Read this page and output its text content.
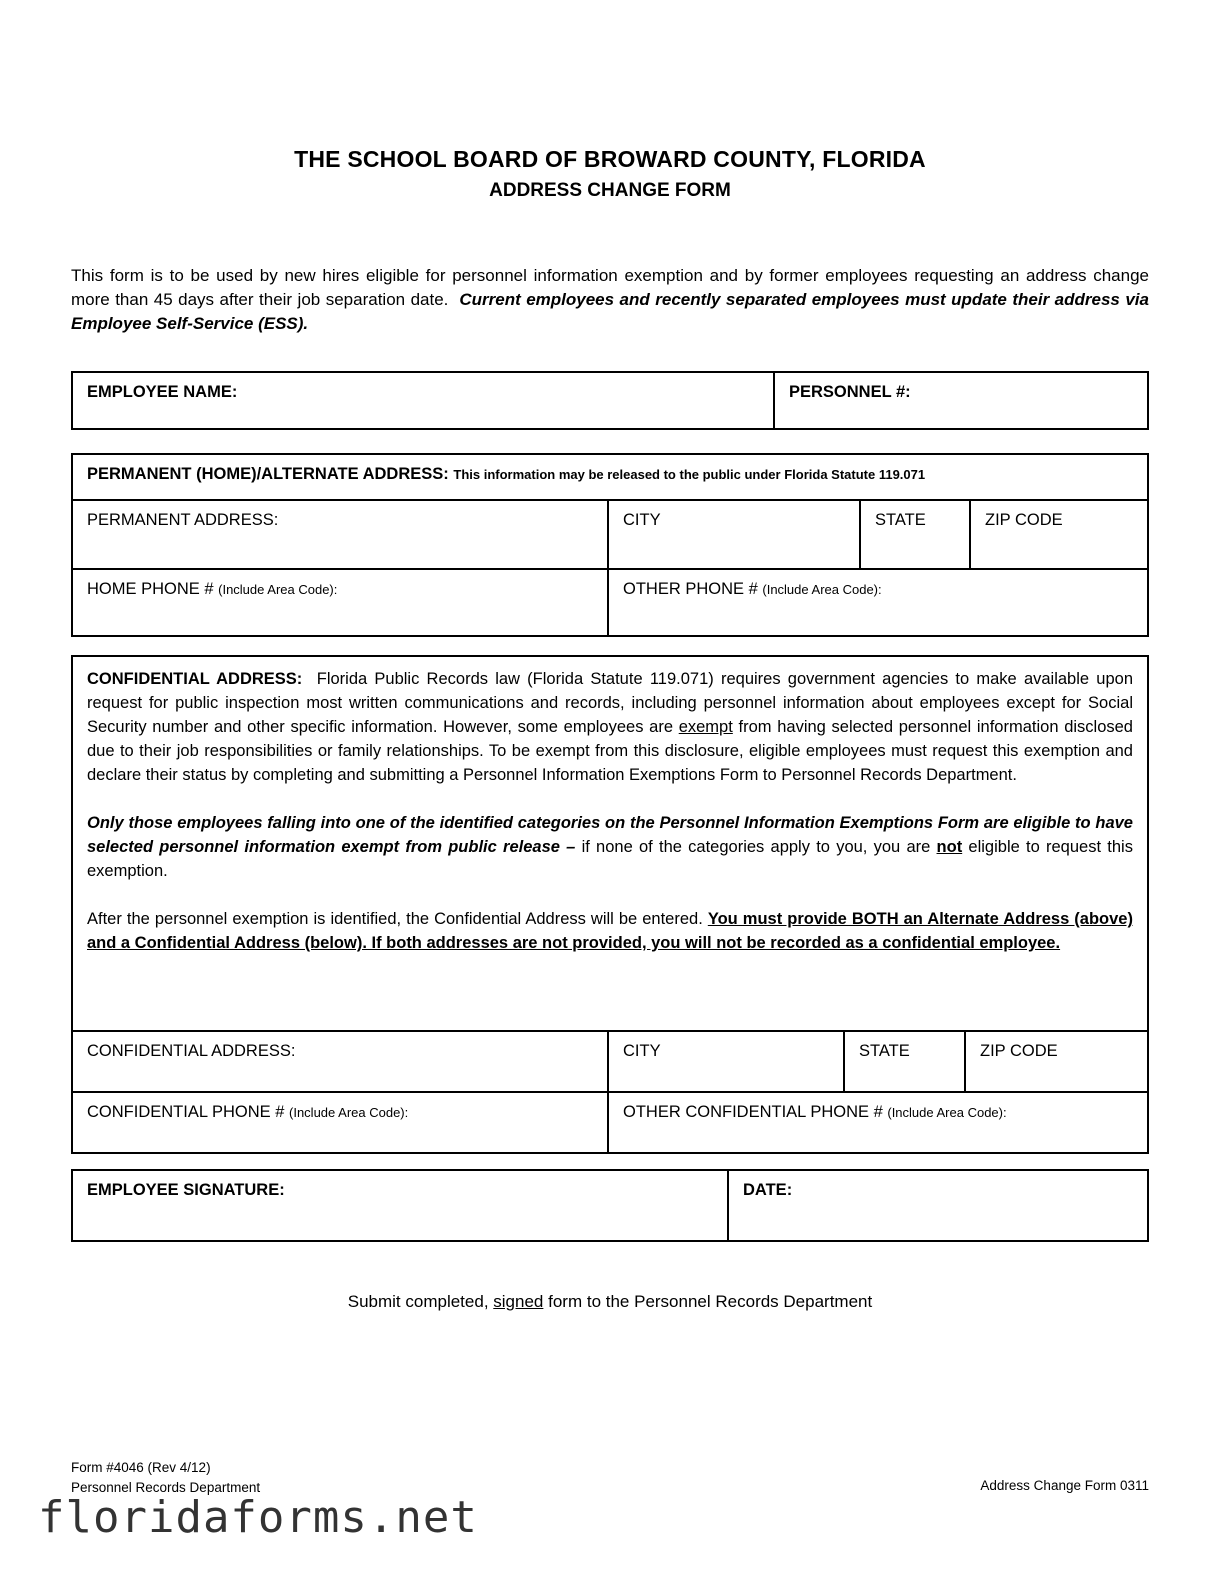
THE SCHOOL BOARD OF BROWARD COUNTY, FLORIDA
ADDRESS CHANGE FORM
This form is to be used by new hires eligible for personnel information exemption and by former employees requesting an address change more than 45 days after their job separation date. Current employees and recently separated employees must update their address via Employee Self-Service (ESS).
EMPLOYEE NAME:	PERSONNEL #:
PERMANENT (HOME)/ALTERNATE ADDRESS: This information may be released to the public under Florida Statute 119.071			
PERMANENT ADDRESS:	CITY	STATE	ZIP CODE
HOME PHONE # (Include Area Code):	OTHER PHONE # (Include Area Code):		

CONFIDENTIAL ADDRESS: Florida Public Records law (Florida Statute 119.071) requires government agencies to make available upon request for public inspection most written communications and records, including personnel information about employees except for Social Security number and other specific information. However, some employees are exempt from having selected personnel information disclosed due to their job responsibilities or family relationships. To be exempt from this disclosure, eligible employees must request this exemption and declare their status by completing and submitting a Personnel Information Exemptions Form to Personnel Records Department.

Only those employees falling into one of the identified categories on the Personnel Information Exemptions Form are eligible to have selected personnel information exempt from public release – if none of the categories apply to you, you are not eligible to request this exemption.

After the personnel exemption is identified, the Confidential Address will be entered. You must provide BOTH an Alternate Address (above) and a Confidential Address (below). If both addresses are not provided, you will not be recorded as a confidential employee.			

CONFIDENTIAL ADDRESS:	CITY	STATE	ZIP CODE
CONFIDENTIAL PHONE # (Include Area Code):	OTHER CONFIDENTIAL PHONE # (Include Area Code):		
EMPLOYEE SIGNATURE:	DATE:
Submit completed, signed form to the Personnel Records Department
Form #4046 (Rev 4/12)
Personnel Records Department	Address Change Form 0311
floridaforms.net
